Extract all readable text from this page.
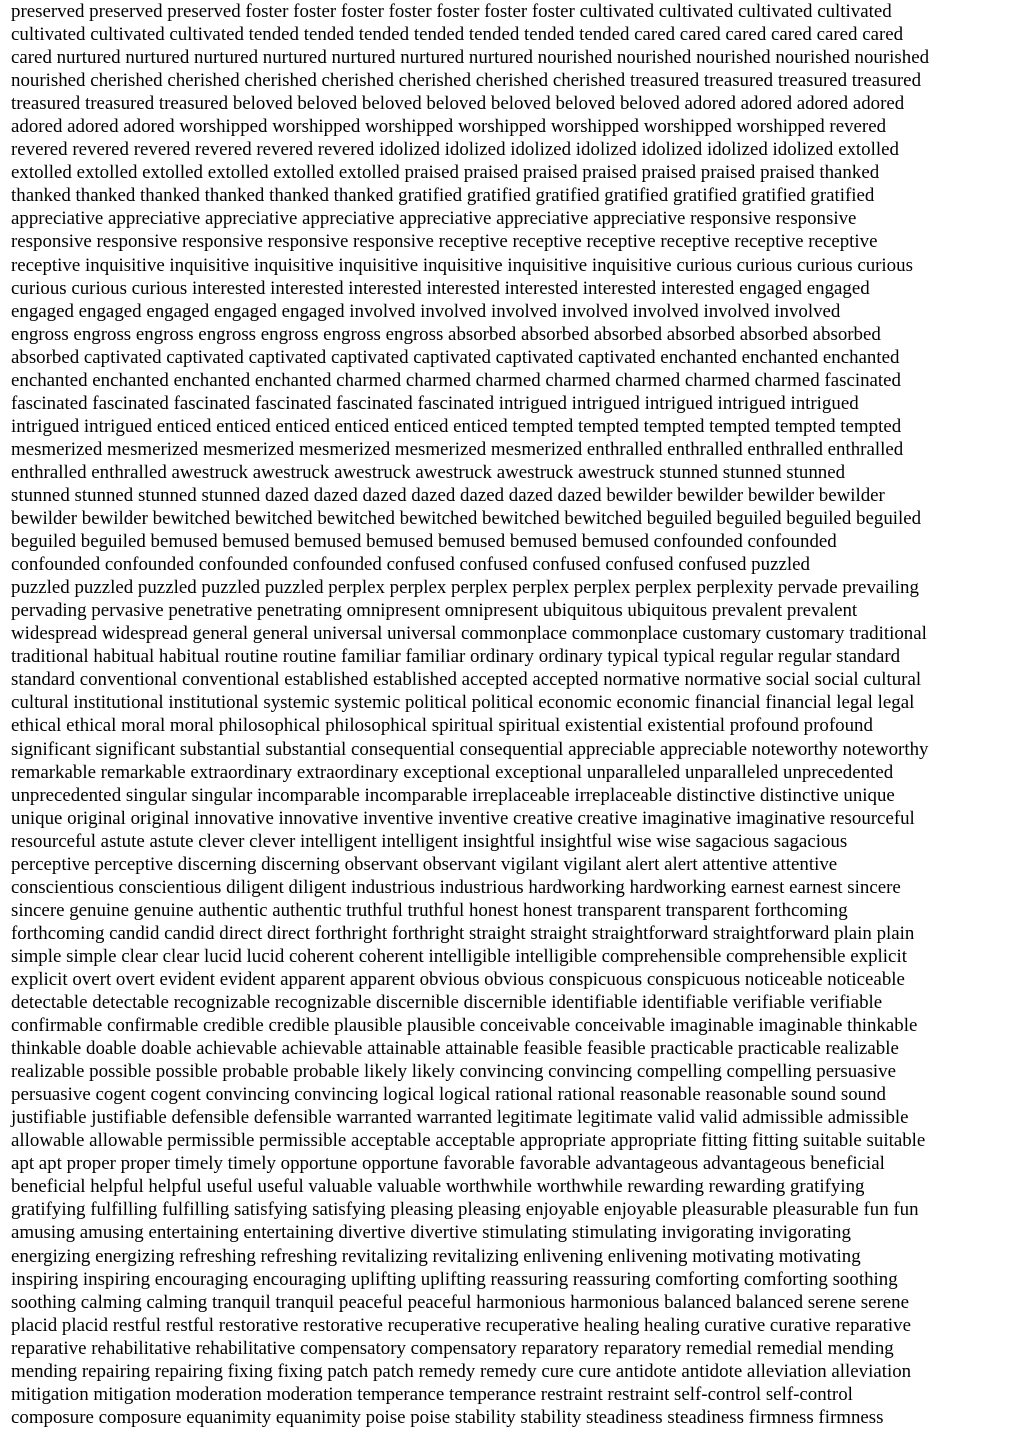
preserved preserved preserved foster foster foster foster foster foster foster cultivated cultivated cultivated cultivated
cultivated cultivated cultivated tended tended tended tended tended tended tended cared cared cared cared cared cared
cared nurtured nurtured nurtured nurtured nurtured nurtured nurtured nourished nourished nourished nourished nourished
nourished cherished cherished cherished cherished cherished cherished cherished treasured treasured treasured treasured
treasured treasured treasured beloved beloved beloved beloved beloved beloved beloved adored adored adored adored
adored adored adored worshipped worshipped worshipped worshipped worshipped worshipped worshipped revered
revered revered revered revered revered revered idolized idolized idolized idolized idolized idolized idolized extolled
extolled extolled extolled extolled extolled extolled praised praised praised praised praised praised praised thanked
thanked thanked thanked thanked thanked thanked gratified gratified gratified gratified gratified gratified gratified
appreciative appreciative appreciative appreciative appreciative appreciative appreciative responsive responsive
responsive responsive responsive responsive responsive receptive receptive receptive receptive receptive receptive
receptive inquisitive inquisitive inquisitive inquisitive inquisitive inquisitive inquisitive curious curious curious curious
curious curious curious interested interested interested interested interested interested interested engaged engaged
engaged engaged engaged engaged engaged involved involved involved involved involved involved involved
engross engross engross engross engross engross engross absorbed absorbed absorbed absorbed absorbed absorbed
absorbed captivated captivated captivated captivated captivated captivated captivated enchanted enchanted enchanted
enchanted enchanted enchanted enchanted charmed charmed charmed charmed charmed charmed charmed fascinated
fascinated fascinated fascinated fascinated fascinated fascinated intrigued intrigued intrigued intrigued intrigued
intrigued intrigued enticed enticed enticed enticed enticed enticed tempted tempted tempted tempted tempted tempted
mesmerized mesmerized mesmerized mesmerized mesmerized mesmerized enthralled enthralled enthralled enthralled
enthralled enthralled awestruck awestruck awestruck awestruck awestruck awestruck stunned stunned stunned
stunned stunned stunned stunned dazed dazed dazed dazed dazed dazed dazed bewilder bewilder bewilder bewilder
bewilder bewilder bewitched bewitched bewitched bewitched bewitched bewitched beguiled beguiled beguiled beguiled
beguiled beguiled bemused bemused bemused bemused bemused bemused bemused confounded confounded
confounded confounded confounded confounded confused confused confused confused confused puzzled
puzzled puzzled puzzled puzzled puzzled perplex perplex perplex perplex perplex perplex perplexity pervade prevailing
pervading pervasive penetrative penetrating omnipresent omnipresent ubiquitous ubiquitous prevalent prevalent
widespread widespread general general universal universal commonplace commonplace customary customary traditional
traditional habitual habitual routine routine familiar familiar ordinary ordinary typical typical regular regular standard
standard conventional conventional established established accepted accepted normative normative social social cultural
cultural institutional institutional systemic systemic political political economic economic financial financial legal legal
ethical ethical moral moral philosophical philosophical spiritual spiritual existential existential profound profound
significant significant substantial substantial consequential consequential appreciable appreciable noteworthy noteworthy
remarkable remarkable extraordinary extraordinary exceptional exceptional unparalleled unparalleled unprecedented
unprecedented singular singular incomparable incomparable irreplaceable irreplaceable distinctive distinctive unique
unique original original innovative innovative inventive inventive creative creative imaginative imaginative resourceful
resourceful astute astute clever clever intelligent intelligent insightful insightful wise wise sagacious sagacious
perceptive perceptive discerning discerning observant observant vigilant vigilant alert alert attentive attentive
conscientious conscientious diligent diligent industrious industrious hardworking hardworking earnest earnest sincere
sincere genuine genuine authentic authentic truthful truthful honest honest transparent transparent forthcoming
forthcoming candid candid direct direct forthright forthright straight straight straightforward straightforward plain plain
simple simple clear clear lucid lucid coherent coherent intelligible intelligible comprehensible comprehensible explicit
explicit overt overt evident evident apparent apparent obvious obvious conspicuous conspicuous noticeable noticeable
detectable detectable recognizable recognizable discernible discernible identifiable identifiable verifiable verifiable
confirmable confirmable credible credible plausible plausible conceivable conceivable imaginable imaginable thinkable
thinkable doable doable achievable achievable attainable attainable feasible feasible practicable practicable realizable
realizable possible possible probable probable likely likely convincing convincing compelling compelling persuasive
persuasive cogent cogent convincing convincing logical logical rational rational reasonable reasonable sound sound
justifiable justifiable defensible defensible warranted warranted legitimate legitimate valid valid admissible admissible
allowable allowable permissible permissible acceptable acceptable appropriate appropriate fitting fitting suitable suitable
apt apt proper proper timely timely opportune opportune favorable favorable advantageous advantageous beneficial
beneficial helpful helpful useful useful valuable valuable worthwhile worthwhile rewarding rewarding gratifying
gratifying fulfilling fulfilling satisfying satisfying pleasing pleasing enjoyable enjoyable pleasurable pleasurable fun fun
amusing amusing entertaining entertaining divertive divertive stimulating stimulating invigorating invigorating
energizing energizing refreshing refreshing revitalizing revitalizing enlivening enlivening motivating motivating
inspiring inspiring encouraging encouraging uplifting uplifting reassuring reassuring comforting comforting soothing
soothing calming calming tranquil tranquil peaceful peaceful harmonious harmonious balanced balanced serene serene
placid placid restful restful restorative restorative recuperative recuperative healing healing curative curative reparative
reparative rehabilitative rehabilitative compensatory compensatory reparatory reparatory remedial remedial mending
mending repairing repairing fixing fixing patch patch remedy remedy cure cure antidote antidote alleviation alleviation
mitigation mitigation moderation moderation temperance temperance restraint restraint self-control self-control
composure composure equanimity equanimity poise poise stability stability steadiness steadiness firmness firmness
